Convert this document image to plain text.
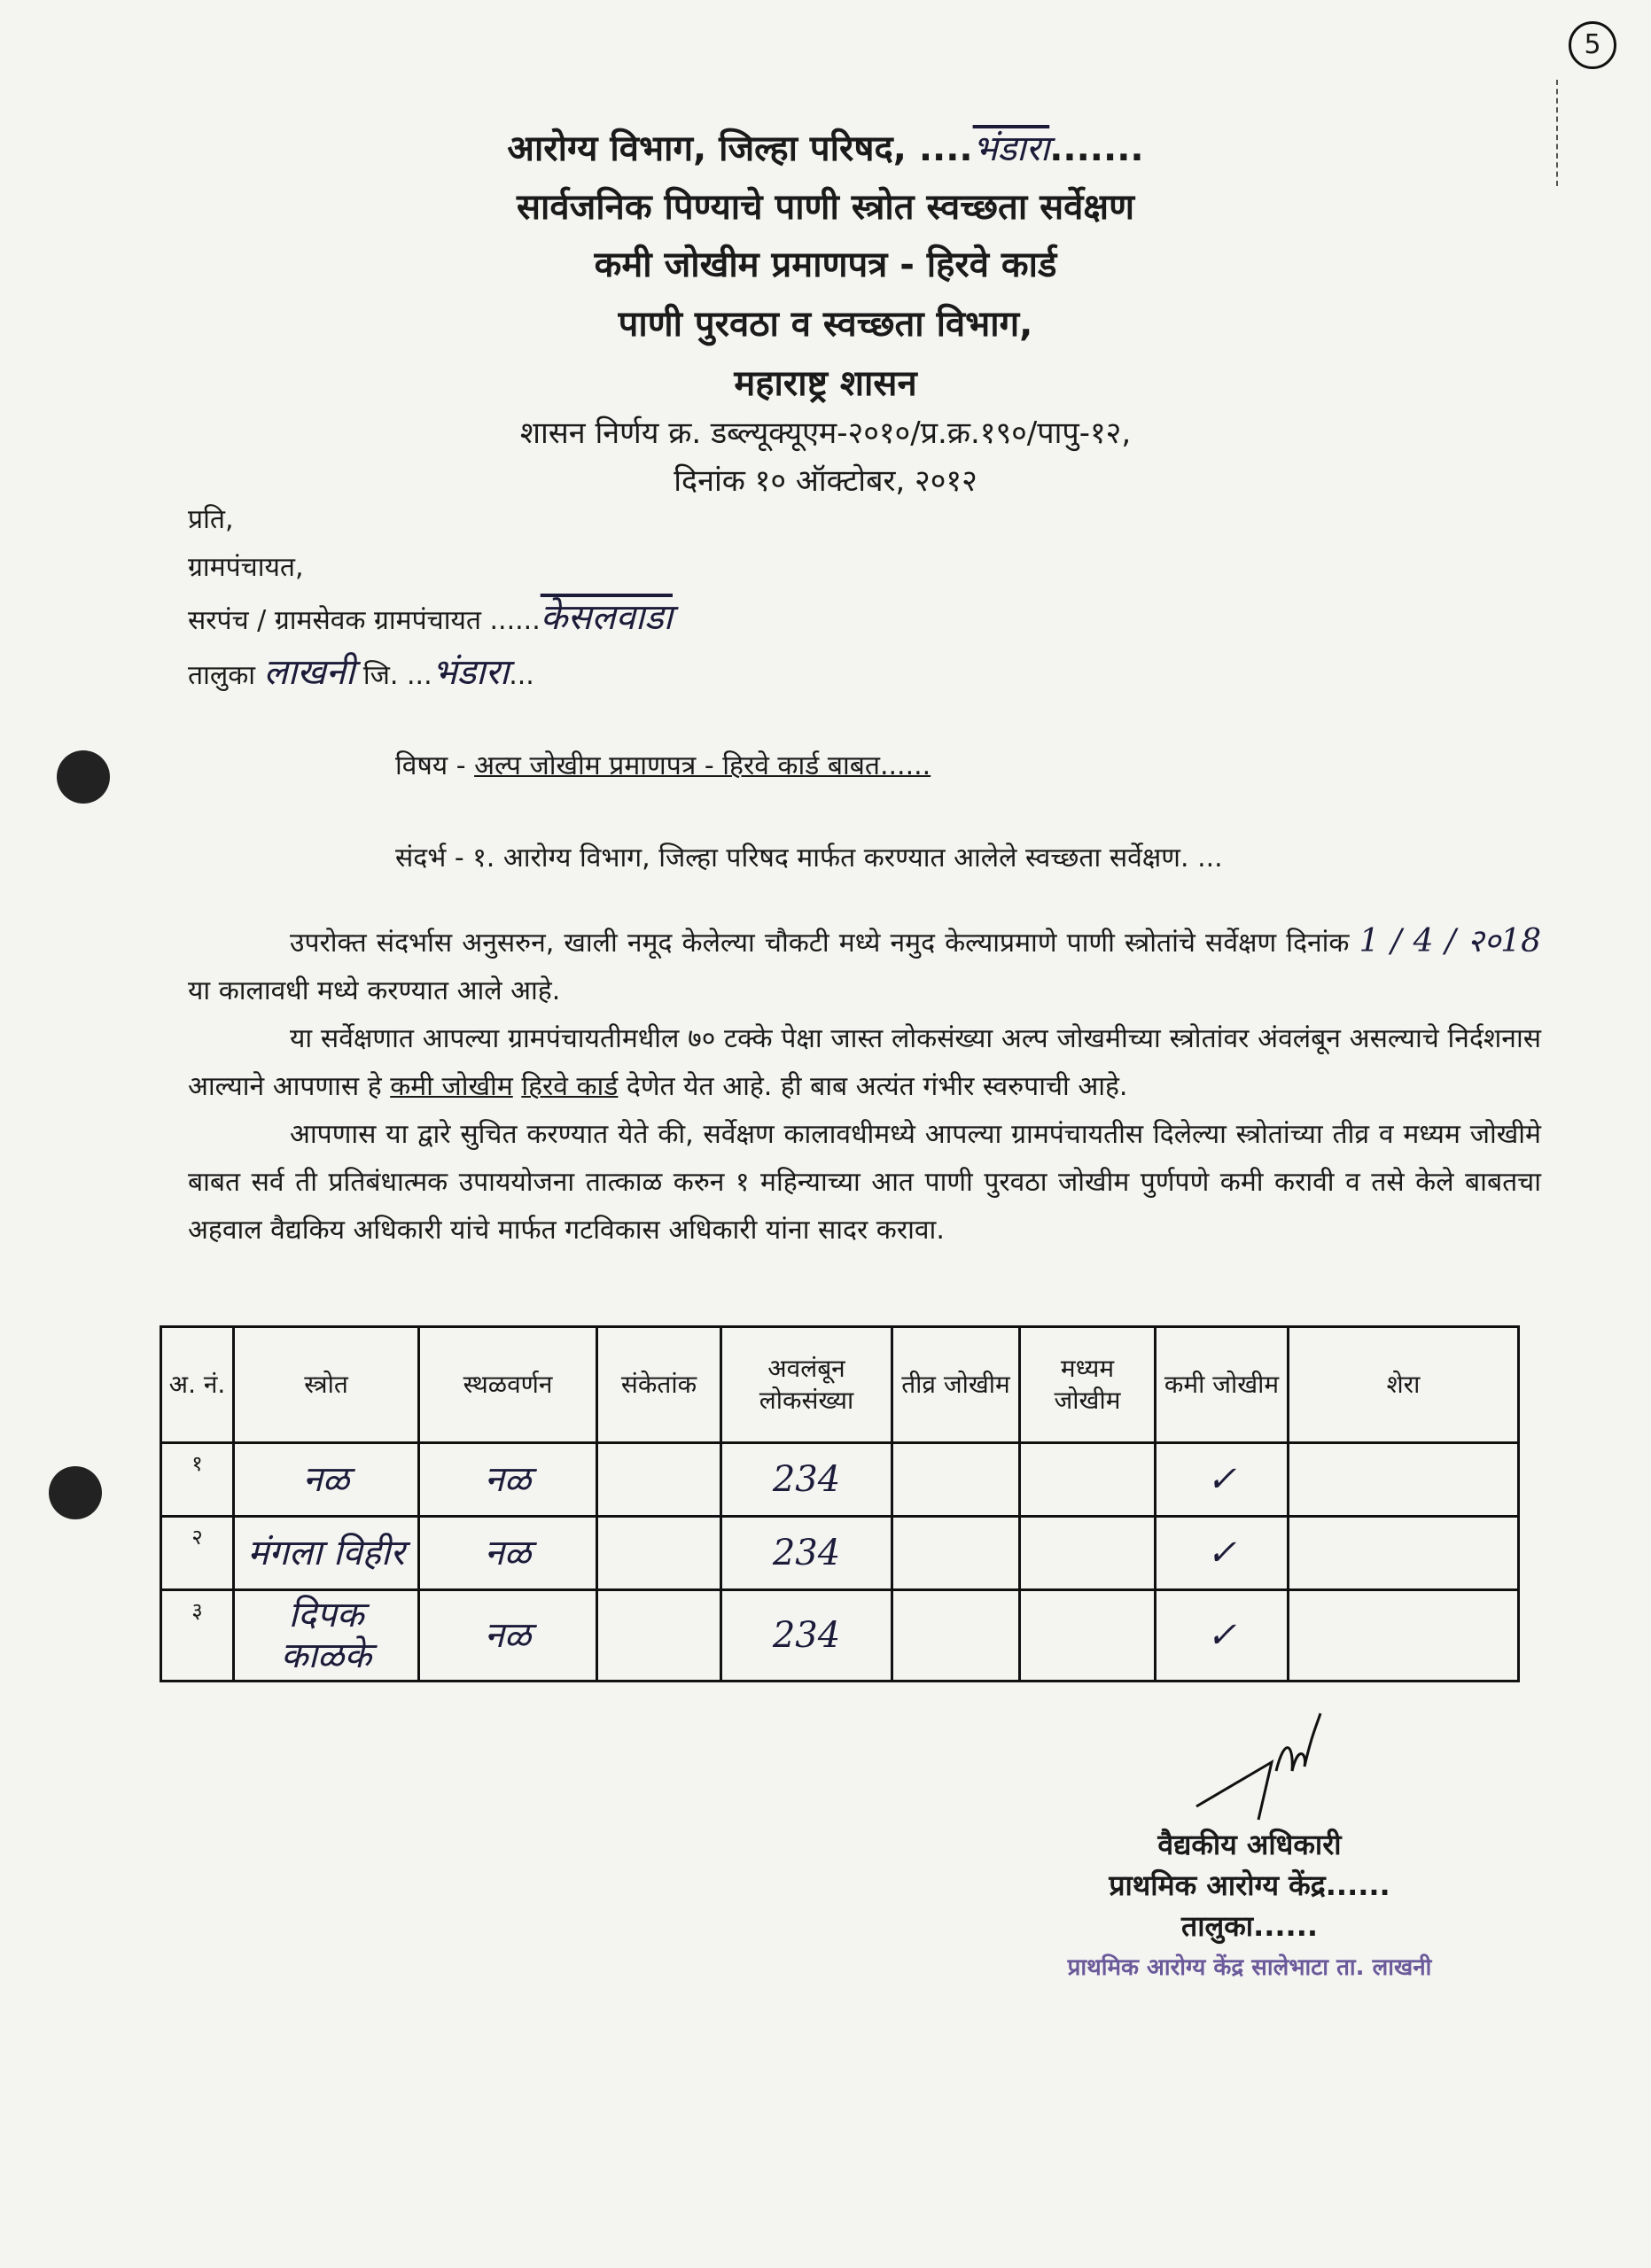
5
आरोग्य विभाग, जिल्हा परिषद, ....भंडारा.......
सार्वजनिक पिण्याचे पाणी स्त्रोत स्वच्छता सर्वेक्षण
कमी जोखीम प्रमाणपत्र - हिरवे कार्ड
पाणी पुरवठा व स्वच्छता विभाग,
महाराष्ट्र शासन
शासन निर्णय क्र. डब्ल्यूक्यूएम-२०१०/प्र.क्र.१९०/पापु-१२,
दिनांक १० ऑक्टोबर, २०१२
प्रति,
ग्रामपंचायत,
सरपंच / ग्रामसेवक ग्रामपंचायत ......केसलवाडा
तालुका लाखनी जि. ...भंडारा...
विषय - अल्प जोखीम प्रमाणपत्र - हिरवे कार्ड बाबत......
संदर्भ - १. आरोग्य विभाग, जिल्हा परिषद मार्फत करण्यात आलेले स्वच्छता सर्वेक्षण. ...

उपरोक्त संदर्भास अनुसरुन, खाली नमूद केलेल्या चौकटी मध्ये नमुद केल्याप्रमाणे पाणी स्त्रोतांचे सर्वेक्षण दिनांक 1 / 4 / २०18 या कालावधी मध्ये करण्यात आले आहे.

या सर्वेक्षणात आपल्या ग्रामपंचायतीमधील ७० टक्के पेक्षा जास्त लोकसंख्या अल्प जोखमीच्या स्त्रोतांवर अंवलंबून असल्याचे निर्दशनास आल्याने आपणास हे कमी जोखीम हिरवे कार्ड देणेत येत आहे. ही बाब अत्यंत गंभीर स्वरुपाची आहे.

आपणास या द्वारे सुचित करण्यात येते की, सर्वेक्षण कालावधीमध्ये आपल्या ग्रामपंचायतीस दिलेल्या स्त्रोतांच्या तीव्र व मध्यम जोखीमे बाबत सर्व ती प्रतिबंधात्मक उपाययोजना तात्काळ करुन १ महिन्याच्या आत पाणी पुरवठा जोखीम पुर्णपणे कमी करावी व तसे केले बाबतचा अहवाल वैद्यकिय अधिकारी यांचे मार्फत गटविकास अधिकारी यांना सादर करावा.

अ. नं.	स्त्रोत	स्थळवर्णन	संकेतांक	अवलंबून लोकसंख्या	तीव्र जोखीम	मध्यम जोखीम	कमी जोखीम	शेरा
१	नळ	नळ		234			✓	
२	मंगला विहीर	नळ		234			✓	
३	दिपक काळके	नळ		234			✓	
वैद्यकीय अधिकारी
प्राथमिक आरोग्य केंद्र......
तालुका......
प्राथमिक आरोग्य केंद्र सालेभाटा ता. लाखनी
